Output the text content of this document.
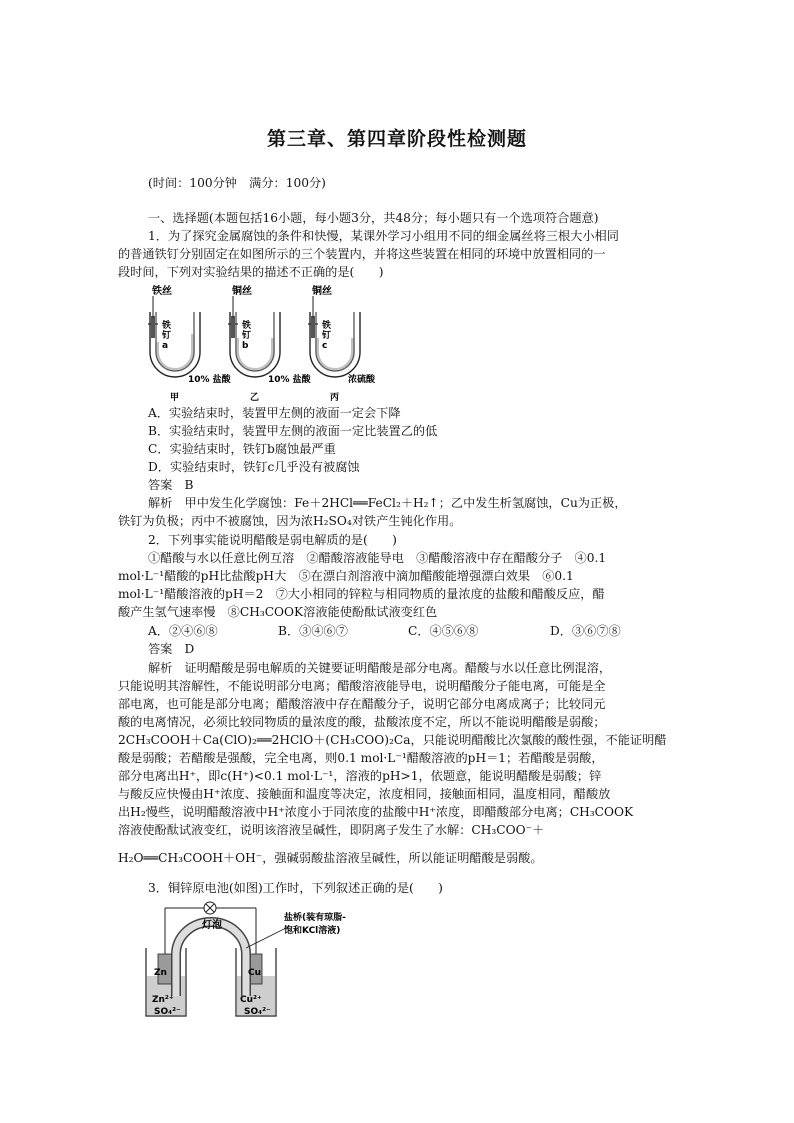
第三章、第四章阶段性检测题
(时间：100分钟　满分：100分)
一、选择题(本题包括16小题，每小题3分，共48分；每小题只有一个选项符合题意)
1．为了探究金属腐蚀的条件和快慢，某课外学习小组用不同的细金属丝将三根大小相同
的普通铁钉分别固定在如图所示的三个装置内，并将这些装置在相同的环境中放置相同的一
段时间，下列对实验结果的描述不正确的是(　　)
铁丝	铜丝	铜丝
铁钉 a
铁钉 b
铁钉 c
10% 盐酸	10% 盐酸	浓硫酸
甲	乙	丙
A．实验结束时，装置甲左侧的液面一定会下降
B．实验结束时，装置甲左侧的液面一定比装置乙的低
C．实验结束时，铁钉b腐蚀最严重
D．实验结束时，铁钉c几乎没有被腐蚀
答案　B
解析　甲中发生化学腐蚀：Fe＋2HCl══FeCl₂＋H₂↑；乙中发生析氢腐蚀，Cu为正极，
铁钉为负极；丙中不被腐蚀，因为浓H₂SO₄对铁产生钝化作用。
2．下列事实能说明醋酸是弱电解质的是(　　)
①醋酸与水以任意比例互溶　②醋酸溶液能导电　③醋酸溶液中存在醋酸分子　④0.1
mol·L⁻¹醋酸的pH比盐酸pH大　⑤在漂白剂溶液中滴加醋酸能增强漂白效果　⑥0.1
mol·L⁻¹醋酸溶液的pH＝2　⑦大小相同的锌粒与相同物质的量浓度的盐酸和醋酸反应，醋
酸产生氢气速率慢　⑧CH₃COOK溶液能使酚酞试液变红色
A．②④⑥⑧	B．③④⑥⑦	C．④⑤⑥⑧	D．③⑥⑦⑧
答案　D
解析　证明醋酸是弱电解质的关键要证明醋酸是部分电离。醋酸与水以任意比例混溶，
只能说明其溶解性，不能说明部分电离；醋酸溶液能导电，说明醋酸分子能电离，可能是全
部电离，也可能是部分电离；醋酸溶液中存在醋酸分子，说明它部分电离成离子；比较同元
酸的电离情况，必须比较同物质的量浓度的酸，盐酸浓度不定，所以不能说明醋酸是弱酸；
2CH₃COOH＋Ca(ClO)₂══2HClO＋(CH₃COO)₂Ca，只能说明醋酸比次氯酸的酸性强，不能证明醋
酸是弱酸；若醋酸是强酸，完全电离，则0.1 mol·L⁻¹醋酸溶液的pH＝1；若醋酸是弱酸，
部分电离出H⁺，即c(H⁺)<0.1 mol·L⁻¹，溶液的pH>1，依题意，能说明醋酸是弱酸；锌
与酸反应快慢由H⁺浓度、接触面和温度等决定，浓度相同，接触面相同，温度相同，醋酸放
出H₂慢些，说明醋酸溶液中H⁺浓度小于同浓度的盐酸中H⁺浓度，即醋酸部分电离；CH₃COOK
溶液使酚酞试液变红，说明该溶液呈碱性，即阴离子发生了水解：CH₃COO⁻＋
H₂O══CH₃COOH＋OH⁻，强碱弱酸盐溶液呈碱性，所以能证明醋酸是弱酸。
3．铜锌原电池(如图)工作时，下列叙述正确的是(　　)
灯泡
盐桥(装有琼脂-
饱和KCl溶液)
Zn	Cu
Zn²⁺
SO₄²⁻
Cu²⁺
SO₄²⁻
